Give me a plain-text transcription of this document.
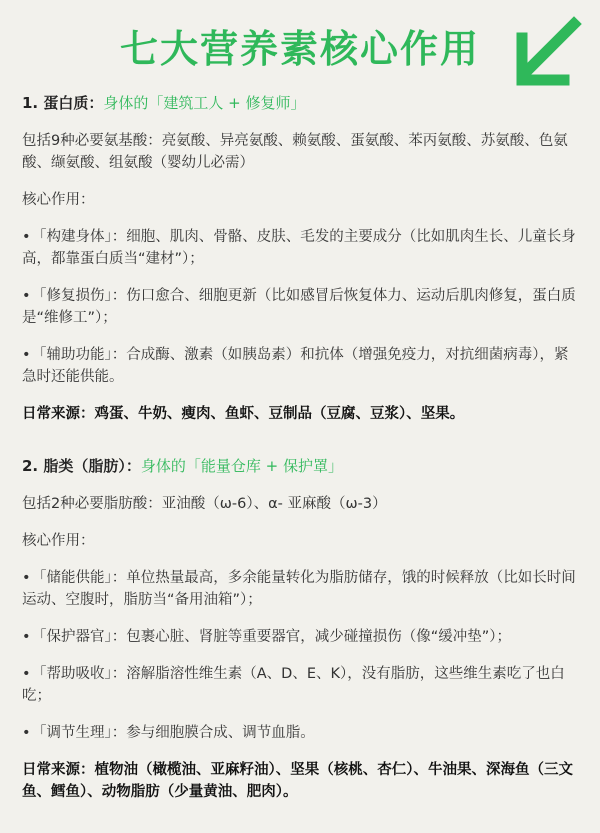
七大营养素核心作用
1. 蛋白质：身体的「建筑工人 + 修复师」
包括9种必要氨基酸：亮氨酸、异亮氨酸、赖氨酸、蛋氨酸、苯丙氨酸、苏氨酸、色氨酸、缬氨酸、组氨酸（婴幼儿必需）
核心作用：
•「构建身体」：细胞、肌肉、骨骼、皮肤、毛发的主要成分（比如肌肉生长、儿童长身高，都靠蛋白质当“建材”）；
•「修复损伤」：伤口愈合、细胞更新（比如感冒后恢复体力、运动后肌肉修复，蛋白质是“维修工”）；
•「辅助功能」：合成酶、激素（如胰岛素）和抗体（增强免疫力，对抗细菌病毒），紧急时还能供能。
日常来源：鸡蛋、牛奶、瘦肉、鱼虾、豆制品（豆腐、豆浆）、坚果。
2. 脂类（脂肪）：身体的「能量仓库 + 保护罩」
包括2种必要脂肪酸：亚油酸（ω-6）、α- 亚麻酸（ω-3）
核心作用：
•「储能供能」：单位热量最高，多余能量转化为脂肪储存，饿的时候释放（比如长时间运动、空腹时，脂肪当“备用油箱”）；
•「保护器官」：包裹心脏、肾脏等重要器官，减少碰撞损伤（像“缓冲垫”）；
•「帮助吸收」：溶解脂溶性维生素（A、D、E、K），没有脂肪，这些维生素吃了也白吃；
•「调节生理」：参与细胞膜合成、调节血脂。
日常来源：植物油（橄榄油、亚麻籽油）、坚果（核桃、杏仁）、牛油果、深海鱼（三文鱼、鳕鱼）、动物脂肪（少量黄油、肥肉）。
